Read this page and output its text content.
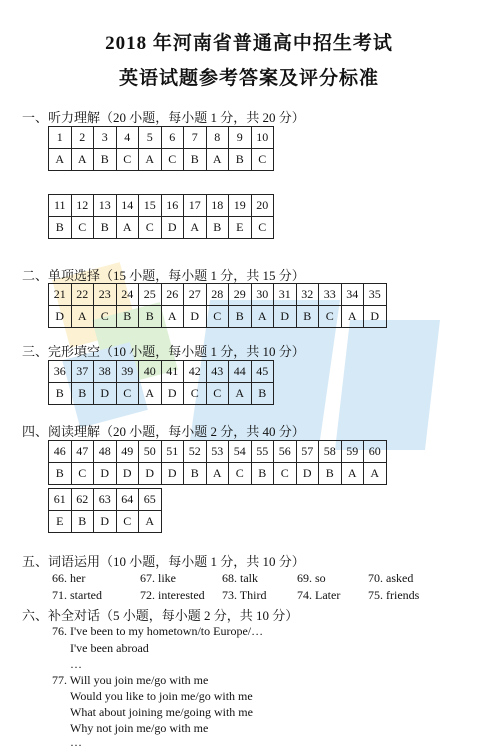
2018 年河南省普通高中招生考试
英语试题参考答案及评分标准
一、听力理解（20 小题，每小题 1 分，共 20 分）
1	2	3	4	5	6	7	8	9	10
A	A	B	C	A	C	B	A	B	C
11	12	13	14	15	16	17	18	19	20
B	C	B	A	C	D	A	B	E	C
二、单项选择（15 小题，每小题 1 分，共 15 分）
21	22	23	24	25	26	27	28	29	30	31	32	33	34	35
D	A	C	B	B	A	D	C	B	A	D	B	C	A	D
三、完形填空（10 小题，每小题 1 分，共 10 分）
36	37	38	39	40	41	42	43	44	45
B	B	D	C	A	D	C	C	A	B
四、阅读理解（20 小题，每小题 2 分，共 40 分）
46	47	48	49	50	51	52	53	54	55	56	57	58	59	60
B	C	D	D	D	D	B	A	C	B	C	D	B	A	A
61	62	63	64	65
E	B	D	C	A
五、词语运用（10 小题，每小题 1 分，共 10 分）
66. her	67. like	68. talk	69. so	70. asked
71. started	72. interested 73. Third	74. Later 75. friends
六、补全对话（5 小题，每小题 2 分，共 10 分）
76. I've been to my hometown/to Europe/…
I've been abroad
…
77. Will you join me/go with me
Would you like to join me/go with me
What about joining me/going with me
Why not join me/go with me
…
